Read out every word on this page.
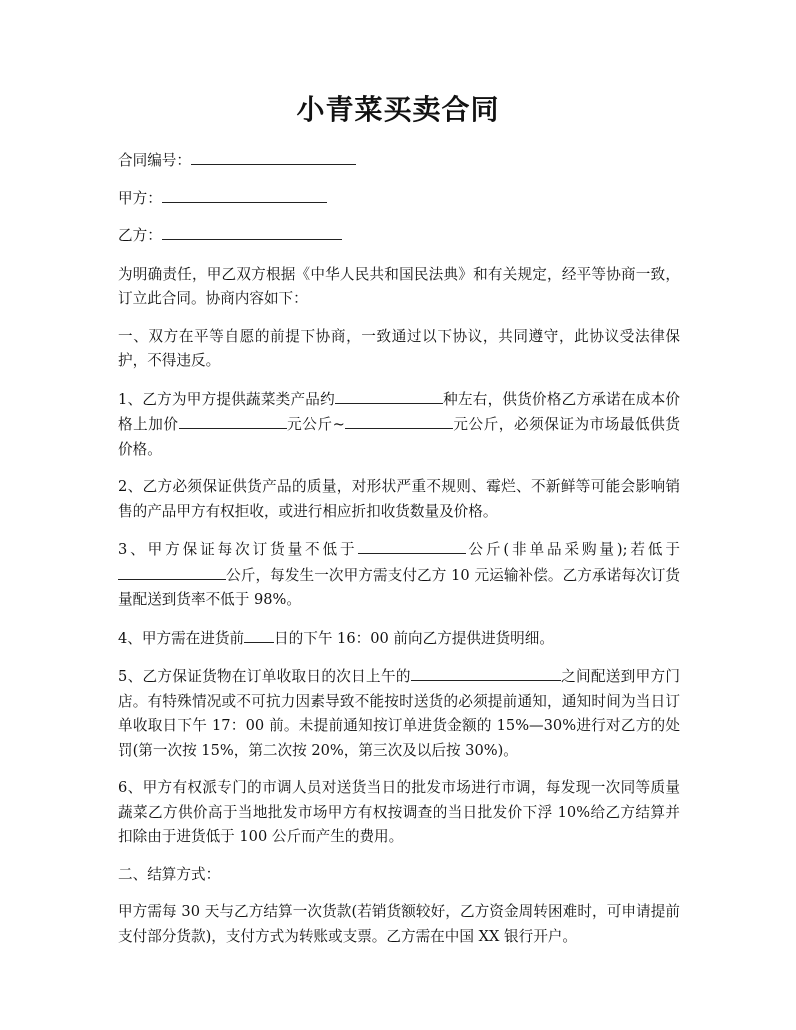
小青菜买卖合同
合同编号：
甲方：
乙方：

为明确责任，甲乙双方根据《中华人民共和国民法典》和有关规定，经平等协商一致，订立此合同。协商内容如下：

一、双方在平等自愿的前提下协商，一致通过以下协议，共同遵守，此协议受法律保护，不得违反。

1、乙方为甲方提供蔬菜类产品约	种左右，供货价格乙方承诺在成本价格上加价	元公斤~	元公斤，必须保证为市场最低供货价格。

2、乙方必须保证供货产品的质量，对形状严重不规则、霉烂、不新鲜等可能会影响销售的产品甲方有权拒收，或进行相应折扣收货数量及价格。

3、甲方保证每次订货量不低于	公斤(非单品采购量);若低于公斤，每发生一次甲方需支付乙方 10 元运输补偿。乙方承诺每次订货量配送到货率不低于 98%。

4、甲方需在进货前 日的下午 16：00 前向乙方提供进货明细。

5、乙方保证货物在订单收取日的次日上午的	之间配送到甲方门店。有特殊情况或不可抗力因素导致不能按时送货的必须提前通知，通知时间为当日订单收取日下午 17：00 前。未提前通知按订单进货金额的 15%—30%进行对乙方的处罚(第一次按 15%，第二次按 20%，第三次及以后按 30%)。

6、甲方有权派专门的市调人员对送货当日的批发市场进行市调，每发现一次同等质量蔬菜乙方供价高于当地批发市场甲方有权按调查的当日批发价下浮 10%给乙方结算并扣除由于进货低于 100 公斤而产生的费用。

二、结算方式：

甲方需每 30 天与乙方结算一次货款(若销货额较好，乙方资金周转困难时，可申请提前支付部分货款)，支付方式为转账或支票。乙方需在中国 XX 银行开户。
